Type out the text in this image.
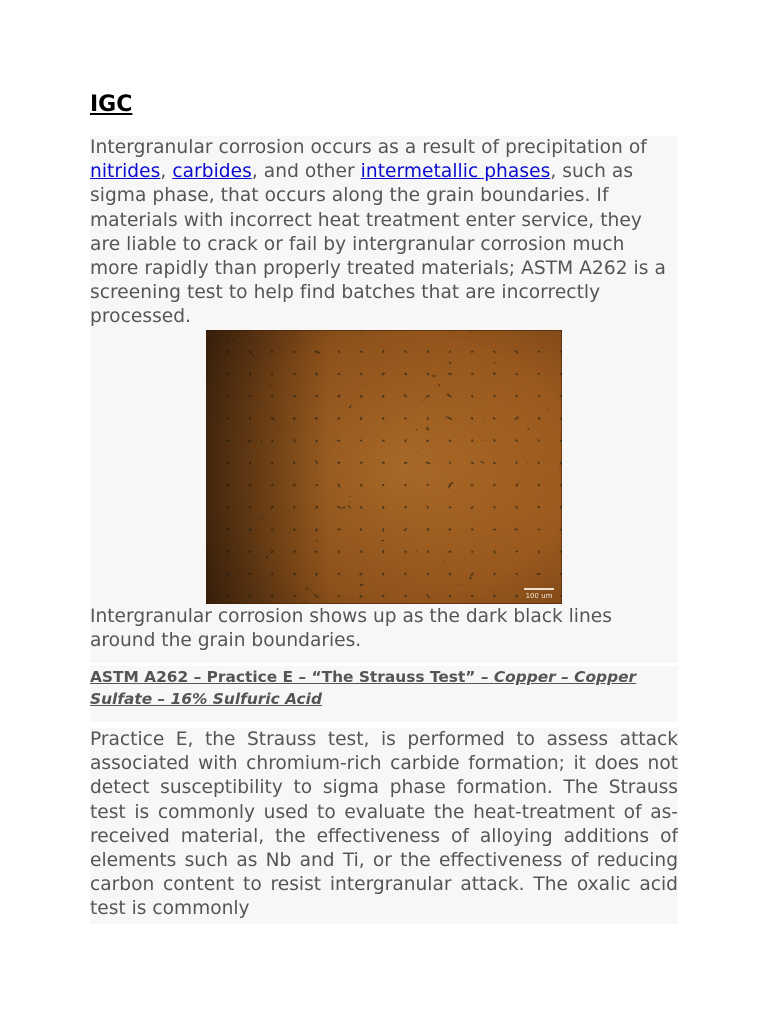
IGC

Intergranular corrosion occurs as a result of precipitation of nitrides, carbides, and other intermetallic phases, such as sigma phase, that occurs along the grain boundaries. If materials with incorrect heat treatment enter service, they are liable to crack or fail by intergranular corrosion much more rapidly than properly treated materials; ASTM A262 is a screening test to help find batches that are incorrectly processed.

100 um

Intergranular corrosion shows up as the dark black lines around the grain boundaries.

ASTM A262 – Practice E – “The Strauss Test” – Copper – Copper Sulfate – 16% Sulfuric Acid

Practice E, the Strauss test, is performed to assess attack associated with chromium-rich carbide formation; it does not detect susceptibility to sigma phase formation. The Strauss test is commonly used to evaluate the heat-treatment of as-received material, the effectiveness of alloying additions of elements such as Nb and Ti, or the effectiveness of reducing carbon content to resist intergranular attack. The oxalic acid test is commonly
